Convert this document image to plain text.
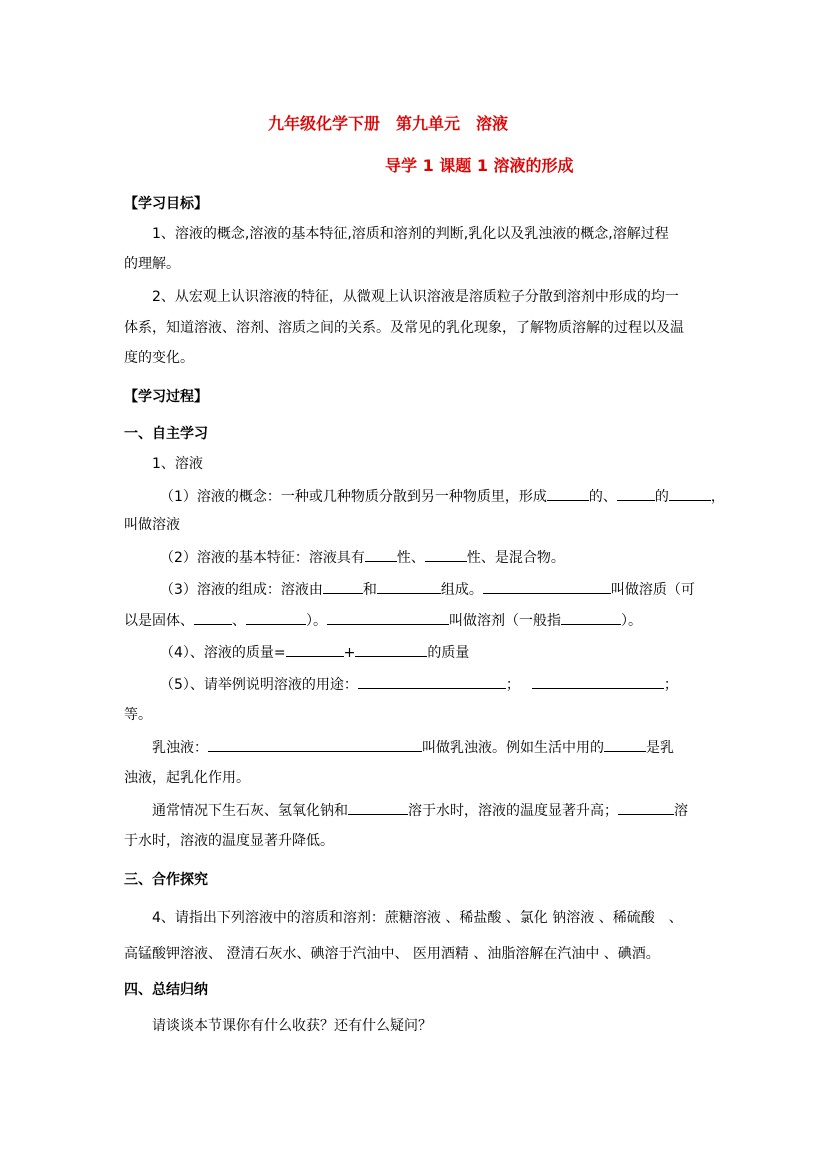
九年级化学下册　第九单元　溶液
导学 1 课题 1 溶液的形成
【学习目标】
1、溶液的概念,溶液的基本特征,溶质和溶剂的判断,乳化以及乳浊液的概念,溶解过程
的理解。
2、从宏观上认识溶液的特征，从微观上认识溶液是溶质粒子分散到溶剂中形成的均一
体系，知道溶液、溶剂、溶质之间的关系。及常见的乳化现象，了解物质溶解的过程以及温
度的变化。
【学习过程】
一、自主学习
1、溶液
（1）溶液的概念：一种或几种物质分散到另一种物质里，形成	的、	的	，
叫做溶液
（2）溶液的基本特征：溶液具有 性、	性、是混合物。
（3）溶液的组成：溶液由	和	组成。	叫做溶质（可
以是固体、	、	）。	叫做溶剂（一般指	）。
（4）、溶液的质量=	+	的质量
（5）、请举例说明溶液的用途：	；	；
等。
乳浊液：	叫做乳浊液。例如生活中用的	是乳
浊液，起乳化作用。
通常情况下生石灰、氢氧化钠和	溶于水时，溶液的温度显著升高；	溶
于水时，溶液的温度显著升降低。
三、合作探究
4、请指出下列溶液中的溶质和溶剂：蔗糖溶液 、稀盐酸 、氯化 钠溶液 、稀硫酸　、
高锰酸钾溶液、 澄清石灰水、碘溶于汽油中、 医用酒精 、油脂溶解在汽油中 、碘酒。
四、总结归纳
请谈谈本节课你有什么收获？还有什么疑问？
